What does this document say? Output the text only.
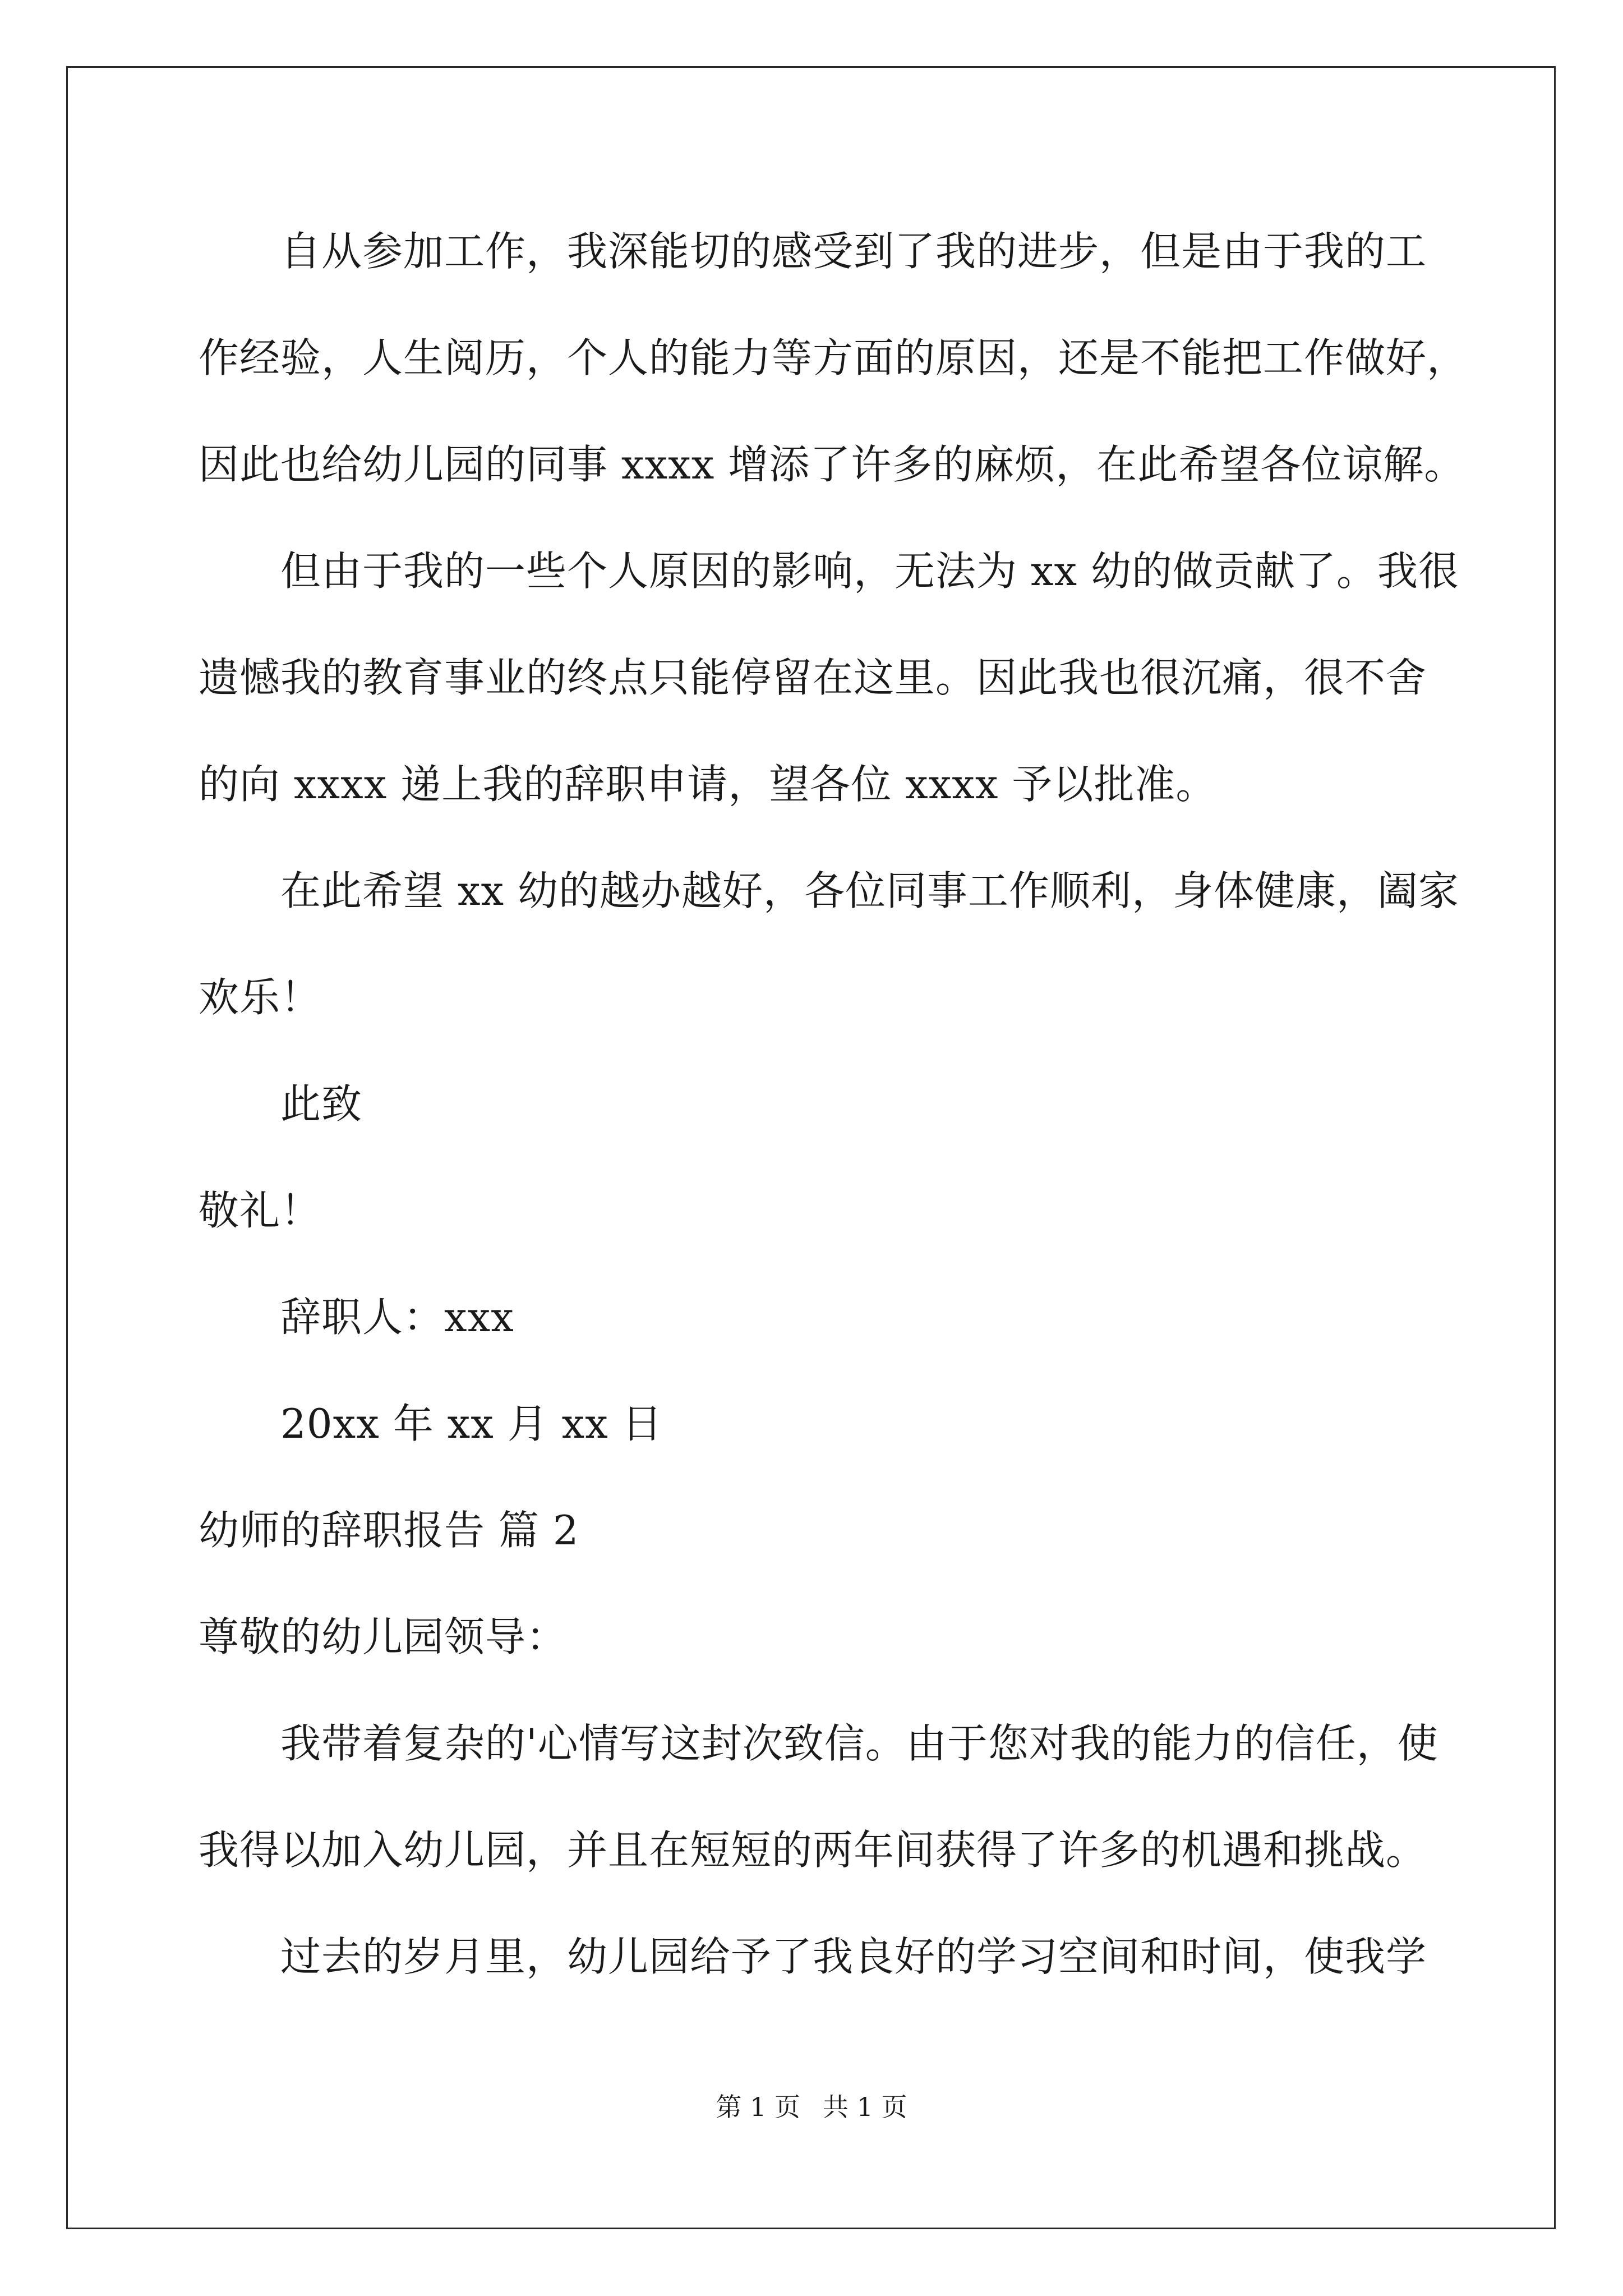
自从参加工作，我深能切的感受到了我的进步，但是由于我的工
作经验，人生阅历，个人的能力等方面的原因，还是不能把工作做好，
因此也给幼儿园的同事 xxxx 增添了许多的麻烦，在此希望各位谅解。
但由于我的一些个人原因的影响，无法为 xx 幼的做贡献了。我很
遗憾我的教育事业的终点只能停留在这里。因此我也很沉痛，很不舍
的向 xxxx 递上我的辞职申请，望各位 xxxx 予以批准。
在此希望 xx 幼的越办越好，各位同事工作顺利，身体健康，阖家
欢乐！
此致
敬礼！
辞职人：xxx
20xx 年 xx 月 xx 日
幼师的辞职报告 篇 2
尊敬的幼儿园领导：
我带着复杂的'心情写这封次致信。由于您对我的能力的信任，使
我得以加入幼儿园，并且在短短的两年间获得了许多的机遇和挑战。
过去的岁月里，幼儿园给予了我良好的学习空间和时间，使我学
第 1 页 共 1 页
